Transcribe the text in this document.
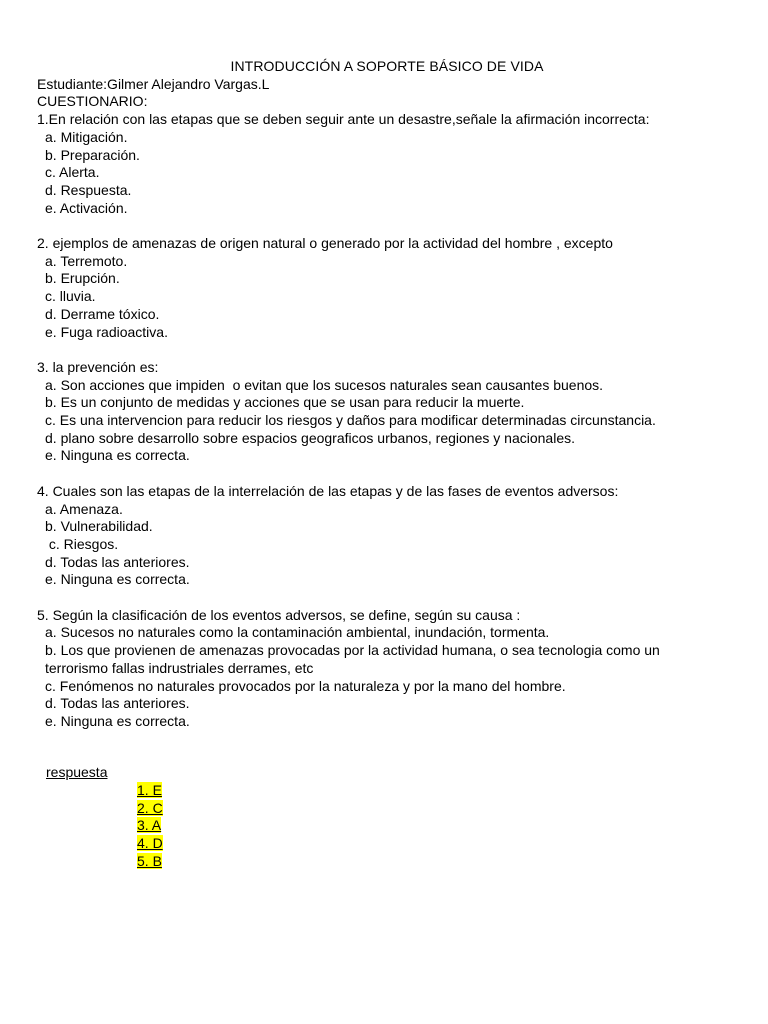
INTRODUCCIÓN A SOPORTE BÁSICO DE VIDA

Estudiante:Gilmer Alejandro Vargas.L

CUESTIONARIO:

1.En relación con las etapas que se deben seguir ante un desastre,señale la afirmación incorrecta:

a. Mitigación.

b. Preparación.

c. Alerta.

d. Respuesta.

e. Activación.

2. ejemplos de amenazas de origen natural o generado por la actividad del hombre , excepto

a. Terremoto.

b. Erupción.

c. lluvia.

d. Derrame tóxico.

e. Fuga radioactiva.

3. la prevención es:

a. Son acciones que impiden  o evitan que los sucesos naturales sean causantes buenos.

b. Es un conjunto de medidas y acciones que se usan para reducir la muerte.

c. Es una intervencion para reducir los riesgos y daños para modificar determinadas circunstancia.

d. plano sobre desarrollo sobre espacios geograficos urbanos, regiones y nacionales.

e. Ninguna es correcta.

4. Cuales son las etapas de la interrelación de las etapas y de las fases de eventos adversos:

a. Amenaza.

b. Vulnerabilidad.

c. Riesgos.

d. Todas las anteriores.

e. Ninguna es correcta.

5. Según la clasificación de los eventos adversos, se define, según su causa :

a. Sucesos no naturales como la contaminación ambiental, inundación, tormenta.

b. Los que provienen de amenazas provocadas por la actividad humana, o sea tecnologia como un terrorismo fallas indrustriales derrames, etc

c. Fenómenos no naturales provocados por la naturaleza y por la mano del hombre.

d. Todas las anteriores.

e. Ninguna es correcta.

respuesta
1. E
2. C
3. A
4. D
5. B
